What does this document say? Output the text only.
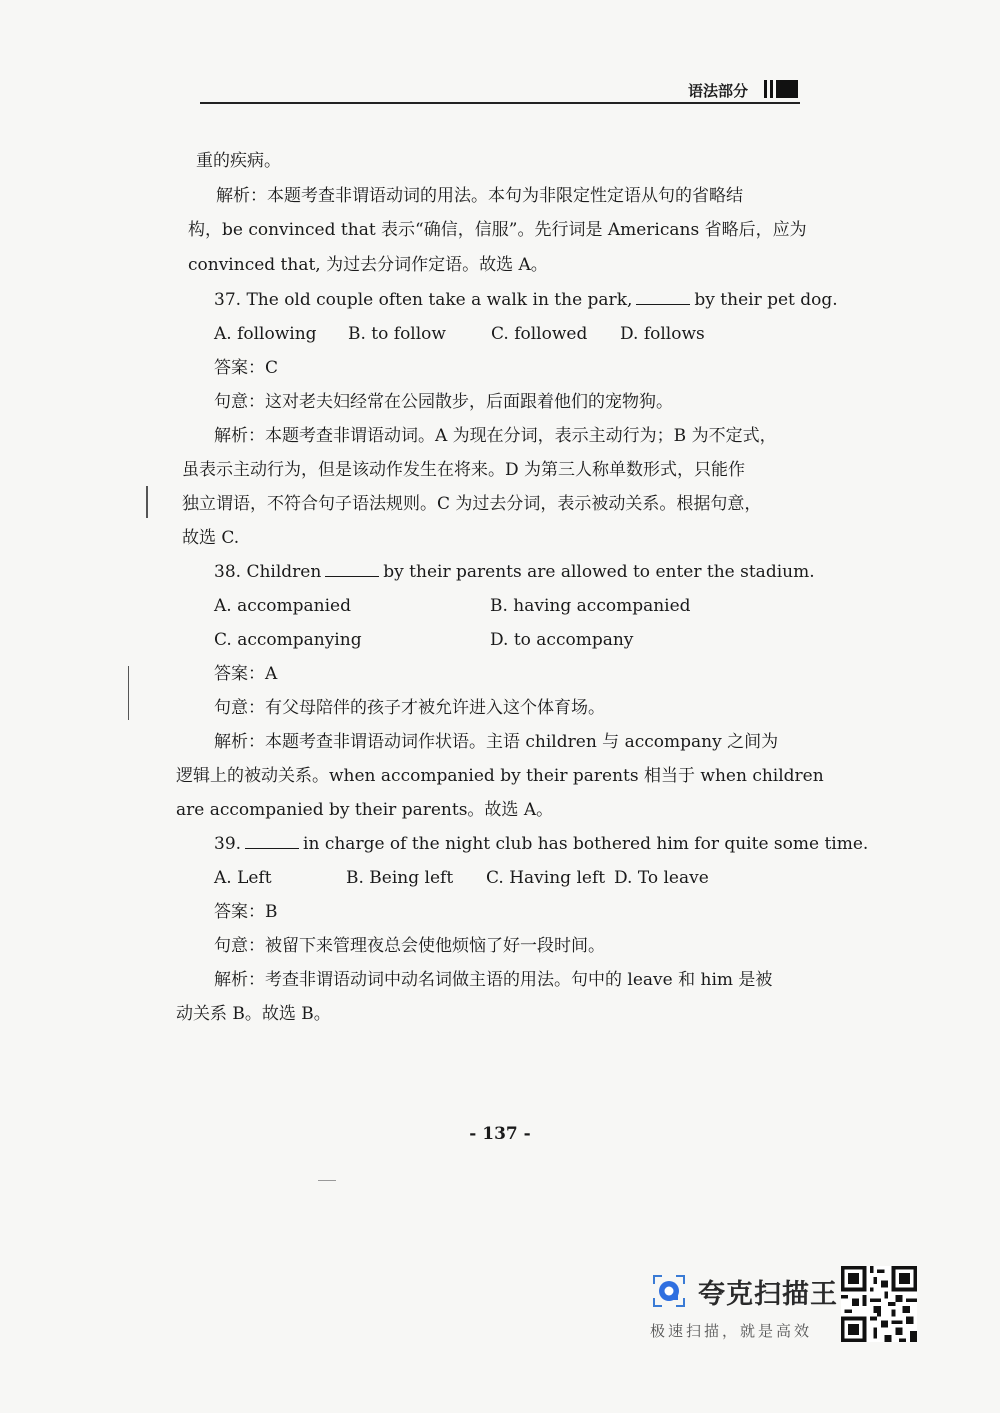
语法部分
重的疾病。
解析：本题考查非谓语动词的用法。本句为非限定性定语从句的省略结
构，be convinced that 表示“确信，信服”。先行词是 Americans 省略后，应为
convinced that, 为过去分词作定语。故选 A。
37. The old couple often take a walk in the park,	by their pet dog.
A. following B. to follow	C. followed D. follows
答案：C
句意：这对老夫妇经常在公园散步，后面跟着他们的宠物狗。
解析：本题考查非谓语动词。A 为现在分词，表示主动行为；B 为不定式，
虽表示主动行为，但是该动作发生在将来。D 为第三人称单数形式，只能作
独立谓语，不符合句子语法规则。C 为过去分词，表示被动关系。根据句意，
故选 C.
38. Children	by their parents are allowed to enter the stadium.
A. accompanied	B. having accompanied
C. accompanying	D. to accompany
答案：A
句意：有父母陪伴的孩子才被允许进入这个体育场。
解析：本题考查非谓语动词作状语。主语 children 与 accompany 之间为
逻辑上的被动关系。when accompanied by their parents 相当于 when children
are accompanied by their parents。故选 A。
39.	in charge of the night club has bothered him for quite some time.
A. Left	B. Being left C. Having left D. To leave
答案：B
句意：被留下来管理夜总会使他烦恼了好一段时间。
解析：考查非谓语动词中动名词做主语的用法。句中的 leave 和 him 是被
动关系 B。故选 B。
- 137 -
夸克扫描王
极速扫描，就是高效
